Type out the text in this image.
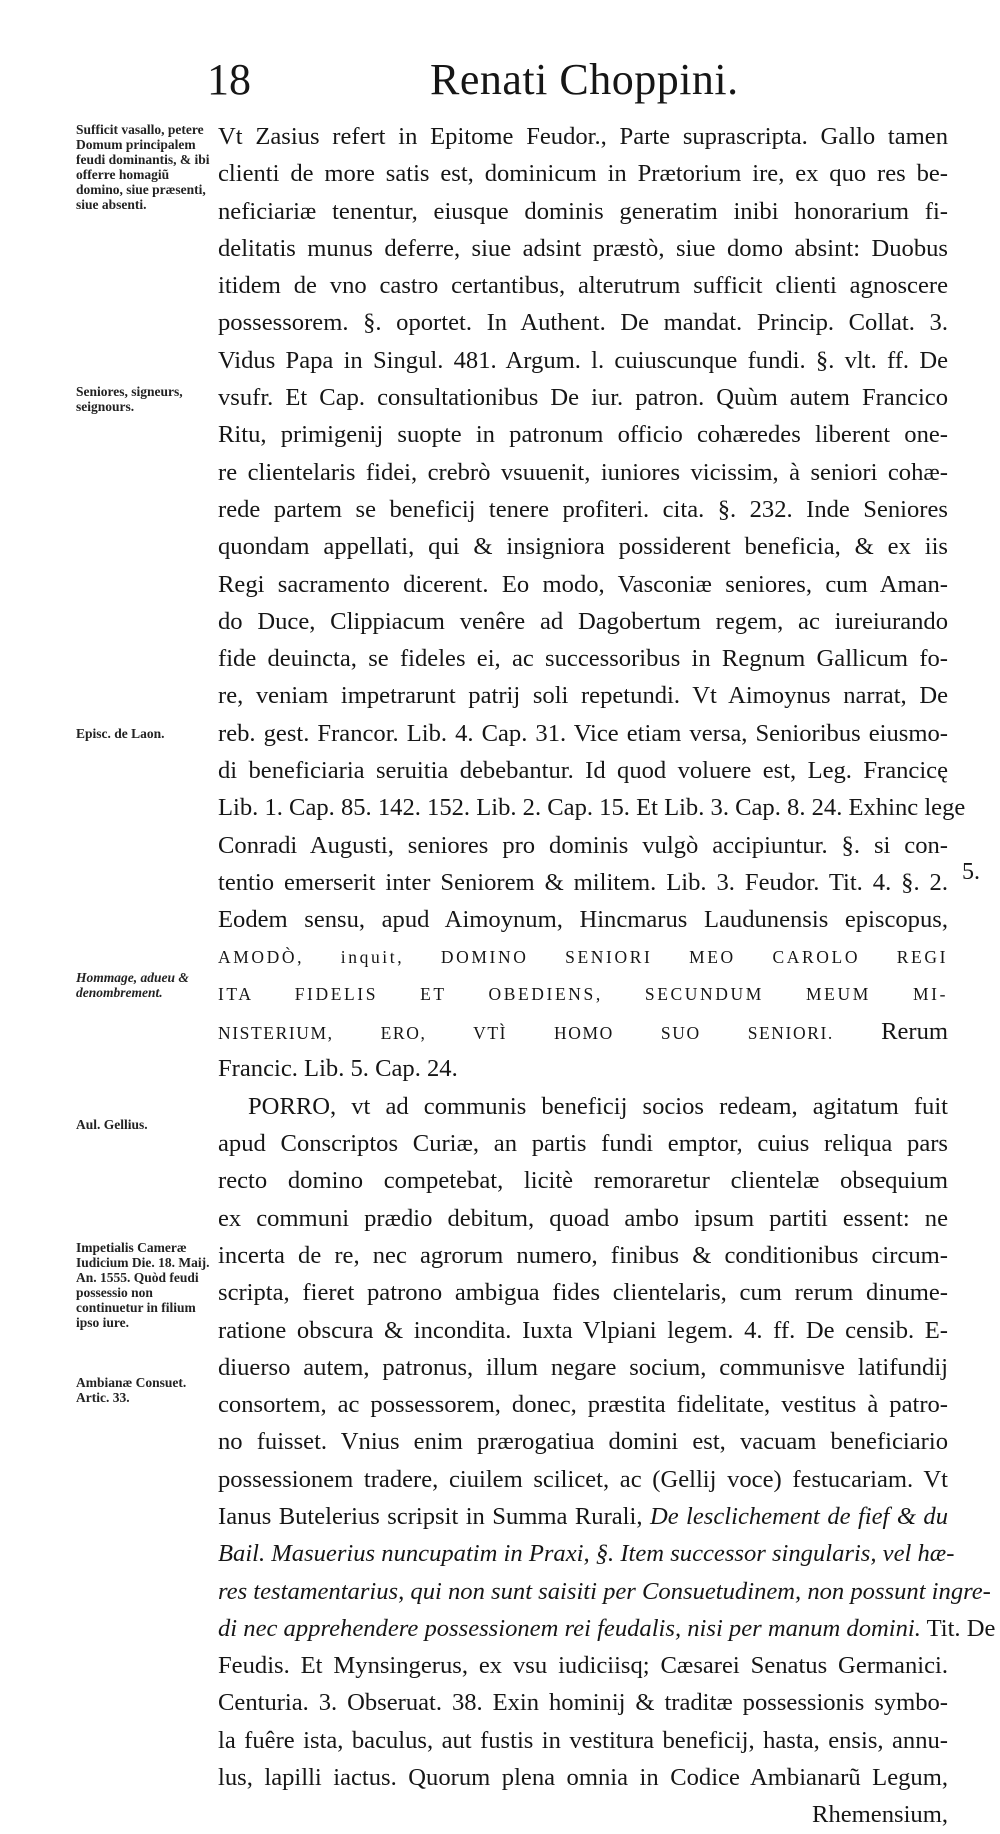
18	Renati Choppini.
Sufficit vasallo, petere Domum principalem feudi dominantis, & ibi offerre homagiũ domino, siue præsenti, siue absenti.
Seniores, signeurs, seignours.
Episc. de Laon.
Hommage, adueu & denombrement.
Aul. Gellius.
Impetialis Cameræ Iudicium Die. 18. Maij. An. 1555. Quòd feudi possessio non continuetur in filium ipso iure.
Ambianæ Consuet. Artic. 33.
Vt Zasius refert in Epitome Feudor., Parte suprascripta. Gallo tamen
clienti de more satis est, dominicum in Prætorium ire, ex quo res be-
neficiariæ tenentur, eiusque dominis generatim inibi honorarium fi-
delitatis munus deferre, siue adsint præstò, siue domo absint: Duobus
itidem de vno castro certantibus, alterutrum sufficit clienti agnoscere
possessorem. §. oportet. In Authent. De mandat. Princip. Collat. 3.
Vidus Papa in Singul. 481. Argum. l. cuiuscunque fundi. §. vlt. ff. De
vsufr. Et Cap. consultationibus De iur. patron. Quùm autem Francico
Ritu, primigenij suopte in patronum officio cohæredes liberent one-
re clientelaris fidei, crebrò vsuuenit, iuniores vicissim, à seniori cohæ-
rede partem se beneficij tenere profiteri. cita. §. 232. Inde Seniores
quondam appellati, qui & insigniora possiderent beneficia, & ex iis
Regi sacramento dicerent. Eo modo, Vasconiæ seniores, cum Aman-
do Duce, Clippiacum venêre ad Dagobertum regem, ac iureiurando
fide deuincta, se fideles ei, ac successoribus in Regnum Gallicum fo-
re, veniam impetrarunt patrij soli repetundi. Vt Aimoynus narrat, De
reb. gest. Francor. Lib. 4. Cap. 31. Vice etiam versa, Senioribus eiusmo-
di beneficiaria seruitia debebantur. Id quod voluere est, Leg. Francicę
Lib. 1. Cap. 85. 142. 152. Lib. 2. Cap. 15. Et Lib. 3. Cap. 8. 24. Exhinc lege
Conradi Augusti, seniores pro dominis vulgò accipiuntur. §. si con-
tentio emerserit inter Seniorem & militem. Lib. 3. Feudor. Tit. 4. §. 2.
Eodem sensu, apud Aimoynum, Hincmarus Laudunensis episcopus,
AMODÒ, inquit, DOMINO SENIORI MEO CAROLO REGI
ITA FIDELIS ET OBEDIENS, SECUNDUM MEUM MI-
NISTERIUM, ERO, VTÌ HOMO SUO SENIORI. Rerum
Francic. Lib. 5. Cap. 24.
PORRO, vt ad communis beneficij socios redeam, agitatum fuit
apud Conscriptos Curiæ, an partis fundi emptor, cuius reliqua pars
recto domino competebat, licitè remoraretur clientelæ obsequium
ex communi prædio debitum, quoad ambo ipsum partiti essent: ne
incerta de re, nec agrorum numero, finibus & conditionibus circum-
scripta, fieret patrono ambigua fides clientelaris, cum rerum dinume-
ratione obscura & incondita. Iuxta Vlpiani legem. 4. ff. De censib. E-
diuerso autem, patronus, illum negare socium, communisve latifundij
consortem, ac possessorem, donec, præstita fidelitate, vestitus à patro-
no fuisset. Vnius enim prærogatiua domini est, vacuam beneficiario
possessionem tradere, ciuilem scilicet, ac (Gellij voce) festucariam. Vt
Ianus Butelerius scripsit in Summa Rurali, De lesclichement de fief & du
Bail. Masuerius nuncupatim in Praxi, §. Item successor singularis, vel hæ-
res testamentarius, qui non sunt saisiti per Consuetudinem, non possunt ingre-
di nec apprehendere possessionem rei feudalis, nisi per manum domini. Tit. De
Feudis. Et Mynsingerus, ex vsu iudiciisq; Cæsarei Senatus Germanici.
Centuria. 3. Obseruat. 38. Exin hominij & traditæ possessionis symbo-
la fuêre ista, baculus, aut fustis in vestitura beneficij, hasta, ensis, annu-
lus, lapilli iactus. Quorum plena omnia in Codice Ambianarũ Legum,
Rhemensium,
5.
